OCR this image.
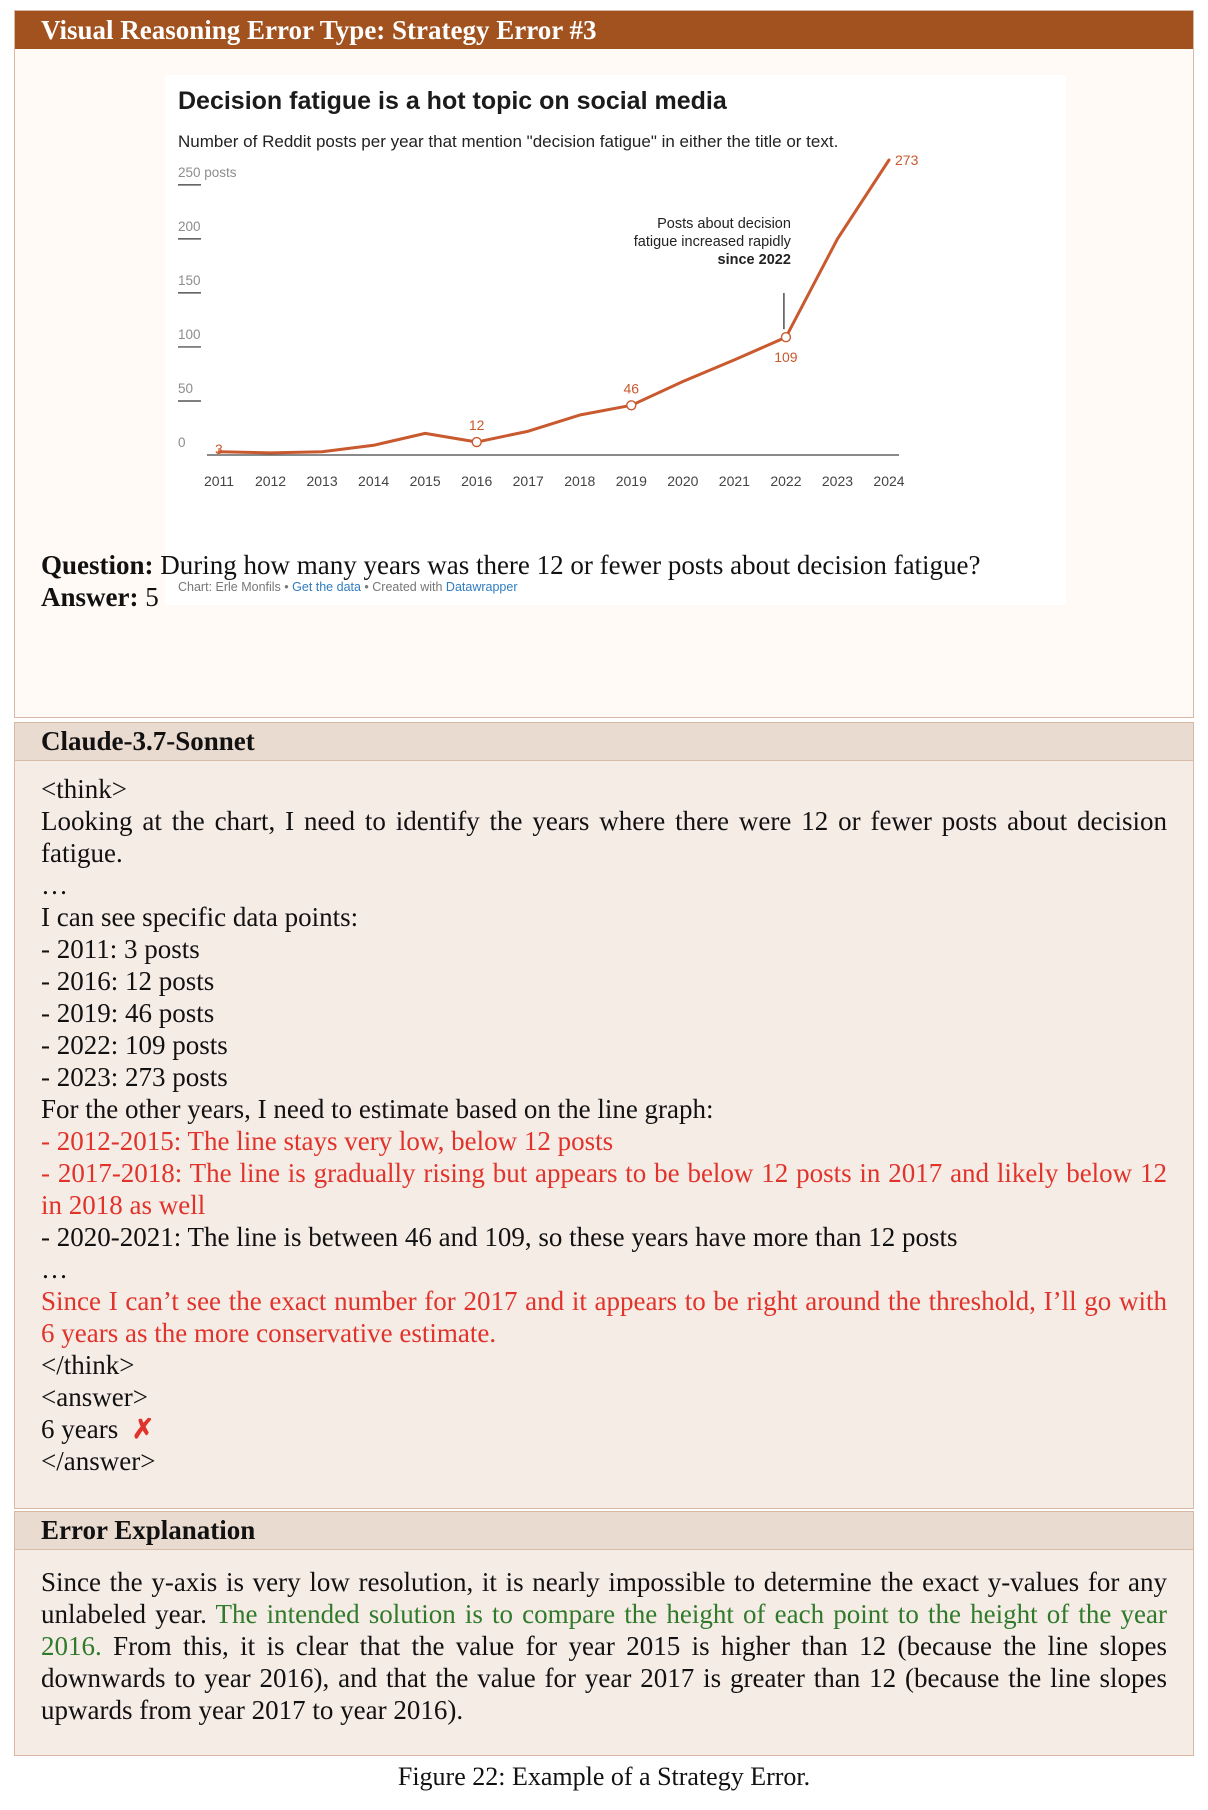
Visual Reasoning Error Type: Strategy Error #3
0
50
100
150
200
250 posts
2011 2012 2013 2014 2015 2016 2017 2018 2019 2020 2021 2022 2023 2024
Posts about decision
fatigue increased rapidly
since 2022
3
12
46
109
273
Decision fatigue is a hot topic on social media
Number of Reddit posts per year that mention "decision fatigue" in either the title or text.
Chart: Erle Monfils • Get the data • Created with Datawrapper
Question: During how many years was there 12 or fewer posts about decision fatigue?
Answer: 5
Claude-3.7-Sonnet
<think>
Looking at the chart, I need to identify the years where there were 12 or fewer posts about decision fatigue.
…
I can see specific data points:
- 2011: 3 posts
- 2016: 12 posts
- 2019: 46 posts
- 2022: 109 posts
- 2023: 273 posts
For the other years, I need to estimate based on the line graph:
- 2012-2015: The line stays very low, below 12 posts
- 2017-2018: The line is gradually rising but appears to be below 12 posts in 2017 and likely below 12 in 2018 as well
- 2020-2021: The line is between 46 and 109, so these years have more than 12 posts
…
Since I can’t see the exact number for 2017 and it appears to be right around the threshold, I’ll go with 6 years as the more conservative estimate.
</think>
<answer>
6 years ✗
</answer>
Error Explanation
Since the y-axis is very low resolution, it is nearly impossible to determine the exact y-values for any unlabeled year. The intended solution is to compare the height of each point to the height of the year 2016. From this, it is clear that the value for year 2015 is higher than 12 (because the line slopes downwards to year 2016), and that the value for year 2017 is greater than 12 (because the line slopes upwards from year 2017 to year 2016).
Figure 22: Example of a Strategy Error.
